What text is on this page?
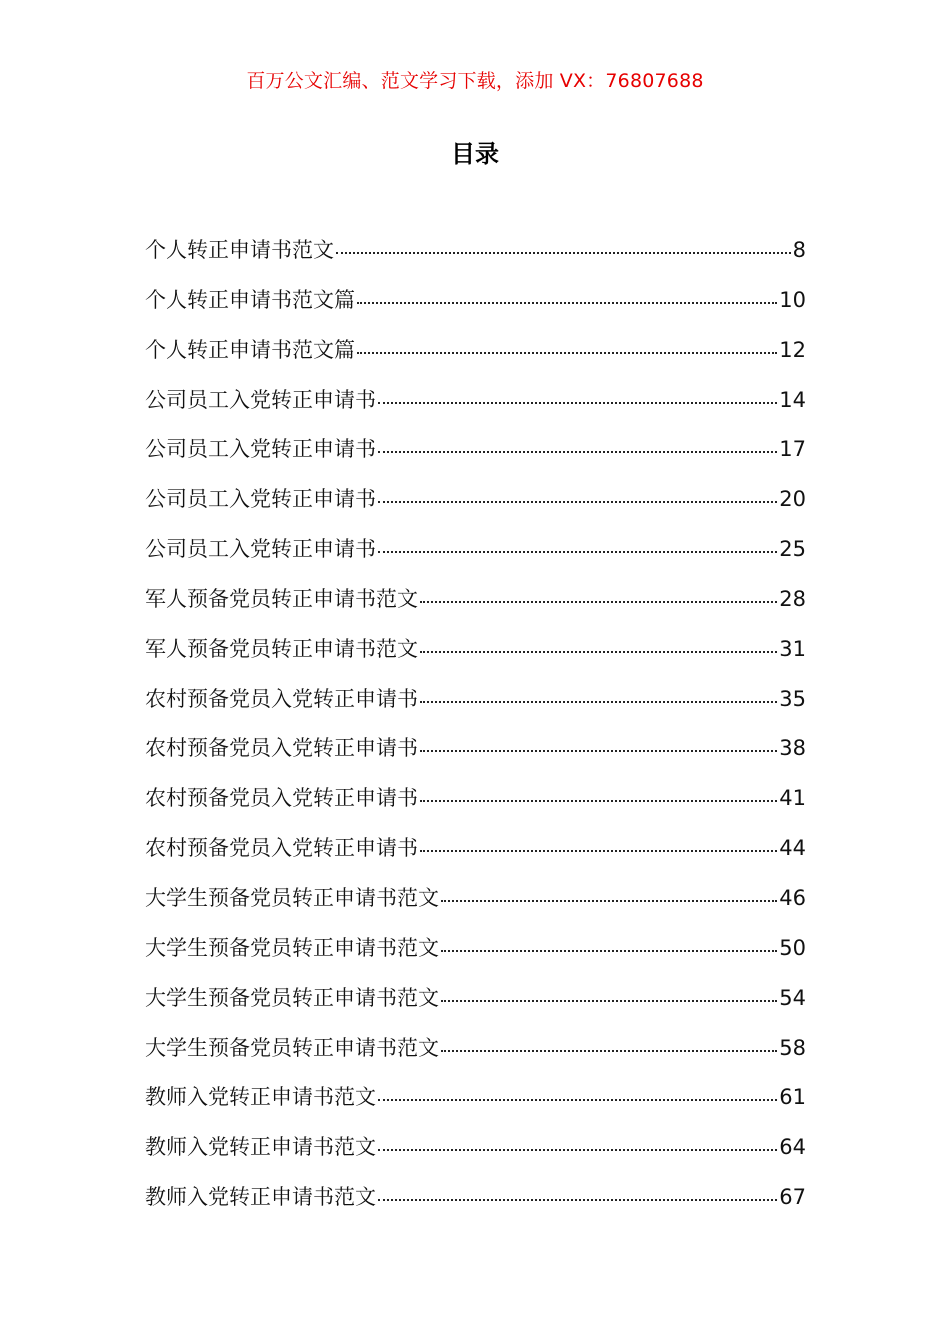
百万公文汇编、范文学习下载，添加 VX：76807688
目录
个人转正申请书范文	8
个人转正申请书范文篇	10
个人转正申请书范文篇	12
公司员工入党转正申请书	14
公司员工入党转正申请书	17
公司员工入党转正申请书	20
公司员工入党转正申请书	25
军人预备党员转正申请书范文	28
军人预备党员转正申请书范文	31
农村预备党员入党转正申请书	35
农村预备党员入党转正申请书	38
农村预备党员入党转正申请书	41
农村预备党员入党转正申请书	44
大学生预备党员转正申请书范文	46
大学生预备党员转正申请书范文	50
大学生预备党员转正申请书范文	54
大学生预备党员转正申请书范文	58
教师入党转正申请书范文	61
教师入党转正申请书范文	64
教师入党转正申请书范文	67
